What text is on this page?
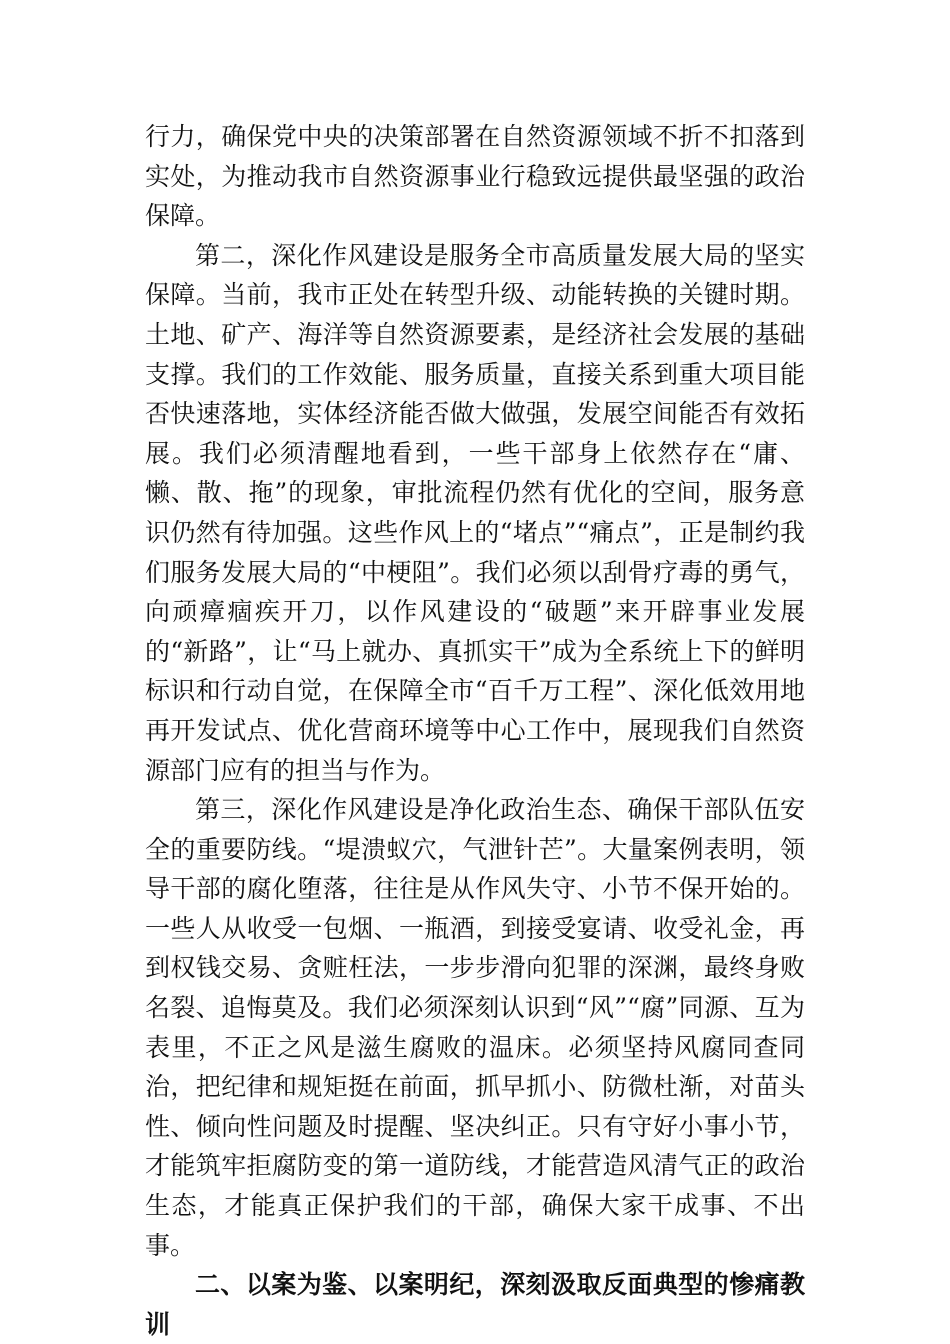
行力，确保党中央的决策部署在自然资源领域不折不扣落到实处，为推动我市自然资源事业行稳致远提供最坚强的政治保障。

第二，深化作风建设是服务全市高质量发展大局的坚实保障。当前，我市正处在转型升级、动能转换的关键时期。土地、矿产、海洋等自然资源要素，是经济社会发展的基础支撑。我们的工作效能、服务质量，直接关系到重大项目能否快速落地，实体经济能否做大做强，发展空间能否有效拓展。我们必须清醒地看到，一些干部身上依然存在“庸、懒、散、拖”的现象，审批流程仍然有优化的空间，服务意识仍然有待加强。这些作风上的“堵点”“痛点”，正是制约我们服务发展大局的“中梗阻”。我们必须以刮骨疗毒的勇气，向顽瘴痼疾开刀，以作风建设的“破题”来开辟事业发展的“新路”，让“马上就办、真抓实干”成为全系统上下的鲜明标识和行动自觉，在保障全市“百千万工程”、深化低效用地再开发试点、优化营商环境等中心工作中，展现我们自然资源部门应有的担当与作为。

第三，深化作风建设是净化政治生态、确保干部队伍安全的重要防线。“堤溃蚁穴，气泄针芒”。大量案例表明，领导干部的腐化堕落，往往是从作风失守、小节不保开始的。一些人从收受一包烟、一瓶酒，到接受宴请、收受礼金，再到权钱交易、贪赃枉法，一步步滑向犯罪的深渊，最终身败名裂、追悔莫及。我们必须深刻认识到“风”“腐”同源、互为表里，不正之风是滋生腐败的温床。必须坚持风腐同查同治，把纪律和规矩挺在前面，抓早抓小、防微杜渐，对苗头性、倾向性问题及时提醒、坚决纠正。只有守好小事小节，才能筑牢拒腐防变的第一道防线，才能营造风清气正的政治生态，才能真正保护我们的干部，确保大家干成事、不出事。

二、以案为鉴、以案明纪，深刻汲取反面典型的惨痛教训
